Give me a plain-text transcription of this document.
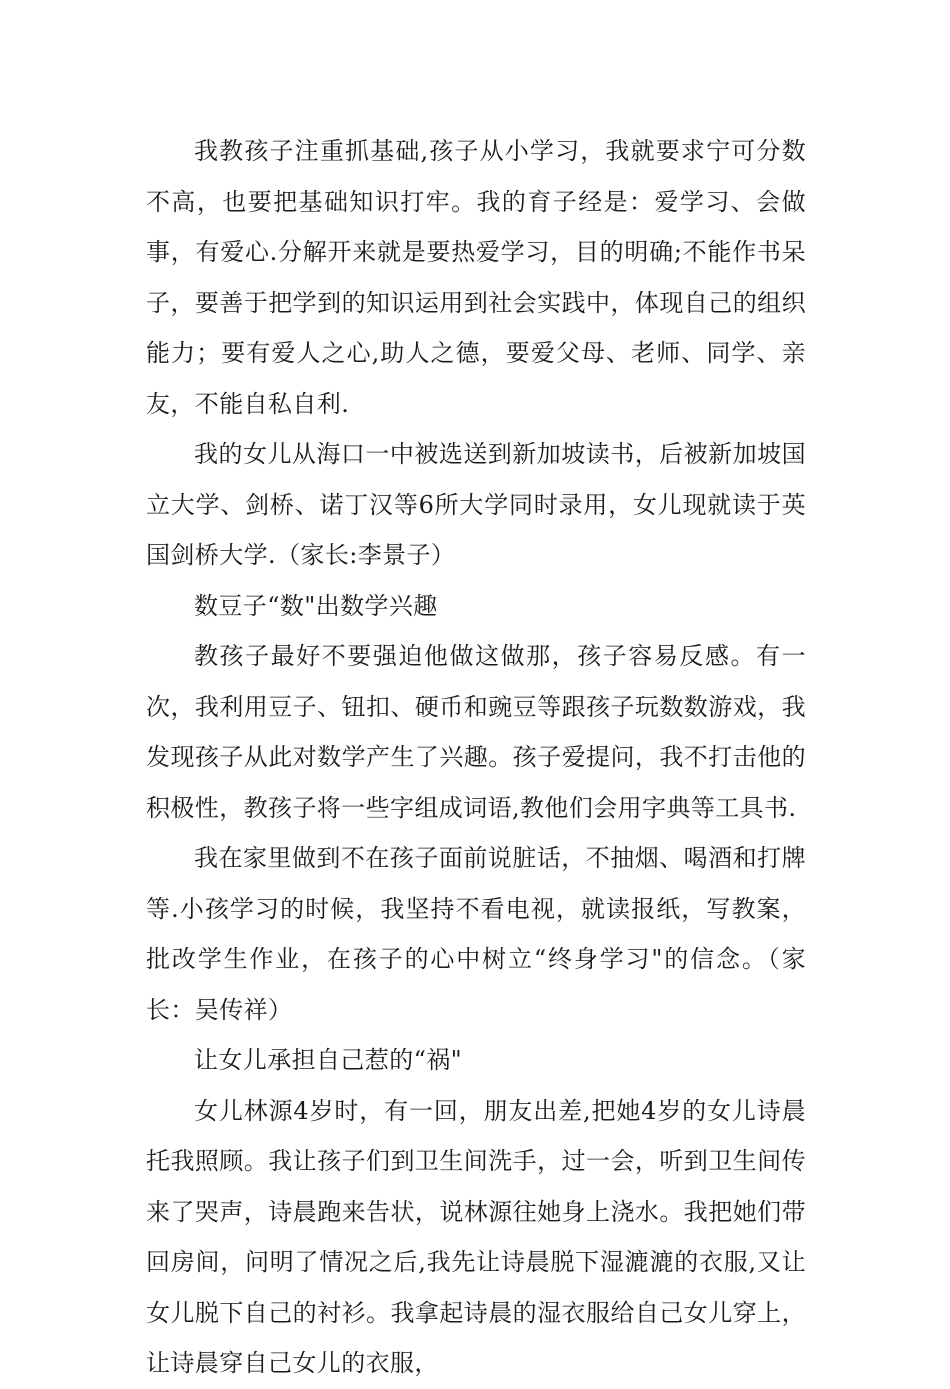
我教孩子注重抓基础,孩子从小学习，我就要求宁可分数不高，也要把基础知识打牢。我的育子经是：爱学习、会做事，有爱心.分解开来就是要热爱学习，目的明确;不能作书呆子，要善于把学到的知识运用到社会实践中，体现自己的组织能力；要有爱人之心,助人之德，要爱父母、老师、同学、亲友，不能自私自利.

我的女儿从海口一中被选送到新加坡读书，后被新加坡国立大学、剑桥、诺丁汉等6所大学同时录用，女儿现就读于英国剑桥大学.（家长:李景子）

数豆子“数"出数学兴趣

教孩子最好不要强迫他做这做那，孩子容易反感。有一次，我利用豆子、钮扣、硬币和豌豆等跟孩子玩数数游戏，我发现孩子从此对数学产生了兴趣。孩子爱提问，我不打击他的积极性，教孩子将一些字组成词语,教他们会用字典等工具书.

我在家里做到不在孩子面前说脏话，不抽烟、喝酒和打牌等.小孩学习的时候，我坚持不看电视，就读报纸，写教案，批改学生作业，在孩子的心中树立“终身学习"的信念。（家长：吴传祥）

让女儿承担自己惹的“祸"

女儿林源4岁时，有一回，朋友出差,把她4岁的女儿诗晨托我照顾。我让孩子们到卫生间洗手，过一会，听到卫生间传来了哭声，诗晨跑来告状，说林源往她身上浇水。我把她们带回房间，问明了情况之后,我先让诗晨脱下湿漉漉的衣服,又让女儿脱下自己的衬衫。我拿起诗晨的湿衣服给自己女儿穿上，让诗晨穿自己女儿的衣服，
